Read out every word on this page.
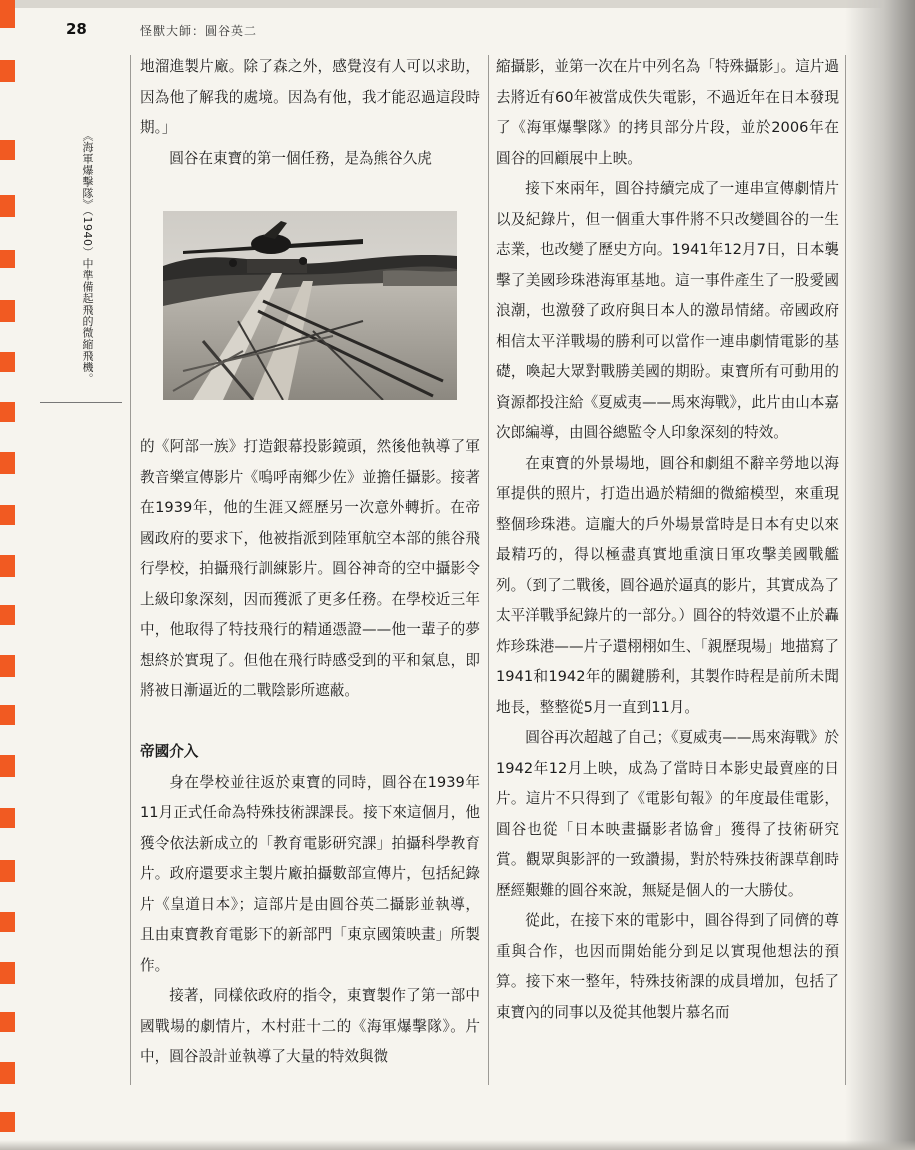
28	怪獸大師：圓谷英二
《海軍爆擊隊》（1940）中準備起飛的微縮飛機。

地溜進製片廠。除了森之外，感覺沒有人可以求助，因為他了解我的處境。因為有他，我才能忍過這段時期。」

圓谷在東寶的第一個任務，是為熊谷久虎

的《阿部一族》打造銀幕投影鏡頭，然後他執導了軍教音樂宣傳影片《嗚呼南鄉少佐》並擔任攝影。接著在1939年，他的生涯又經歷另一次意外轉折。在帝國政府的要求下，他被指派到陸軍航空本部的熊谷飛行學校，拍攝飛行訓練影片。圓谷神奇的空中攝影令上級印象深刻，因而獲派了更多任務。在學校近三年中，他取得了特技飛行的精通憑證——他一輩子的夢想終於實現了。但他在飛行時感受到的平和氣息，即將被日漸逼近的二戰陰影所遮蔽。

帝國介入

身在學校並往返於東寶的同時，圓谷在1939年11月正式任命為特殊技術課課長。接下來這個月，他獲令依法新成立的「教育電影研究課」拍攝科學教育片。政府還要求主製片廠拍攝數部宣傳片，包括紀錄片《皇道日本》；這部片是由圓谷英二攝影並執導，且由東寶教育電影下的新部門「東京國策映畫」所製作。

接著，同樣依政府的指令，東寶製作了第一部中國戰場的劇情片，木村莊十二的《海軍爆擊隊》。片中，圓谷設計並執導了大量的特效與微

縮攝影，並第一次在片中列名為「特殊攝影」。這片過去將近有60年被當成佚失電影，不過近年在日本發現了《海軍爆擊隊》的拷貝部分片段，並於2006年在圓谷的回顧展中上映。

接下來兩年，圓谷持續完成了一連串宣傳劇情片以及紀錄片，但一個重大事件將不只改變圓谷的一生志業，也改變了歷史方向。1941年12月7日，日本襲擊了美國珍珠港海軍基地。這一事件產生了一股愛國浪潮，也激發了政府與日本人的激昂情緒。帝國政府相信太平洋戰場的勝利可以當作一連串劇情電影的基礎，喚起大眾對戰勝美國的期盼。東寶所有可動用的資源都投注給《夏威夷——馬來海戰》，此片由山本嘉次郎編導，由圓谷總監令人印象深刻的特效。

在東寶的外景場地，圓谷和劇組不辭辛勞地以海軍提供的照片，打造出過於精細的微縮模型，來重現整個珍珠港。這龐大的戶外場景當時是日本有史以來最精巧的，得以極盡真實地重演日軍攻擊美國戰艦列。（到了二戰後，圓谷過於逼真的影片，其實成為了太平洋戰爭紀錄片的一部分。）圓谷的特效還不止於轟炸珍珠港——片子還栩栩如生、「親歷現場」地描寫了1941和1942年的關鍵勝利，其製作時程是前所未聞地長，整整從5月一直到11月。

圓谷再次超越了自己；《夏威夷——馬來海戰》於1942年12月上映，成為了當時日本影史最賣座的日片。這片不只得到了《電影旬報》的年度最佳電影，圓谷也從「日本映畫攝影者協會」獲得了技術研究賞。觀眾與影評的一致讚揚，對於特殊技術課草創時歷經艱難的圓谷來說，無疑是個人的一大勝仗。

從此，在接下來的電影中，圓谷得到了同儕的尊重與合作，也因而開始能分到足以實現他想法的預算。接下來一整年，特殊技術課的成員增加，包括了東寶內的同事以及從其他製片慕名而
